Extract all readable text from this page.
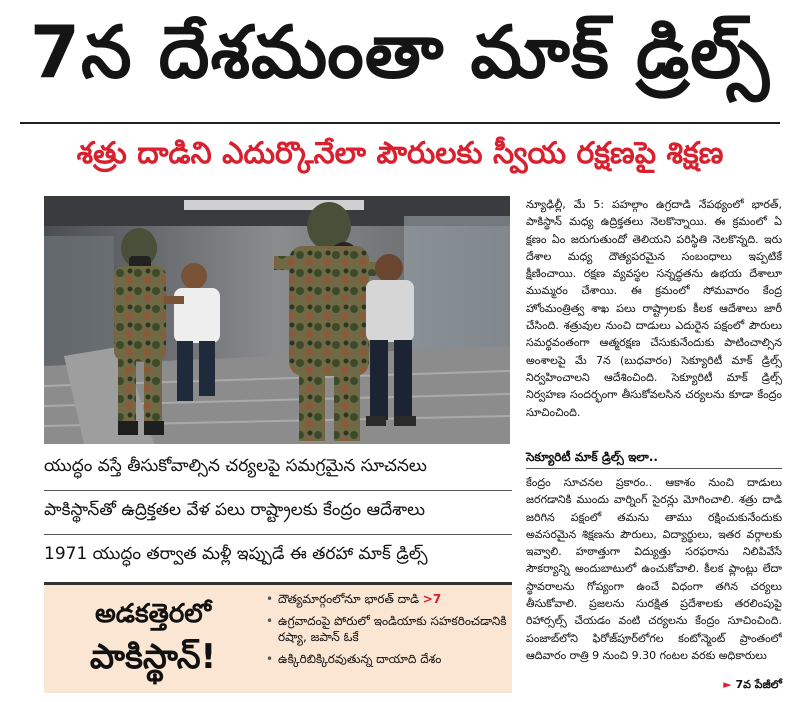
7న దేశమంతా మాక్ డ్రిల్స్
శత్రు దాడిని ఎదుర్కొనేలా పౌరులకు స్వీయ రక్షణపై శిక్షణ
యుద్ధం వస్తే తీసుకోవాల్సిన చర్యలపై సమగ్రమైన సూచనలు
పాకిస్థాన్‌తో ఉద్రిక్తతల వేళ పలు రాష్ట్రాలకు కేంద్రం ఆదేశాలు
1971 యుద్ధం తర్వాత మళ్లీ ఇప్పుడే ఈ తరహా మాక్ డ్రిల్స్
అడకత్తెరలో
పాకిస్థాన్!
• దౌత్యమార్గంలోనూ భారత్ దాడి >7
• ఉగ్రవాదంపై పోరులో ఇండియాకు సహకరించడానికి రష్యా, జపాన్ ఓకే
• ఉక్కిరిబిక్కిరవుతున్న దాయాది దేశం

న్యూఢిల్లీ, మే 5: పహల్గాం ఉగ్రదాడి నేపథ్యంలో భారత్, పాకిస్థాన్ మధ్య ఉద్రిక్తతలు నెలకొన్నాయి. ఈ క్రమంలో ఏ క్షణం ఏం జరుగుతుందో తెలియని పరిస్థితి నెలకొన్నది. ఇరు దేశాల మధ్య దౌత్యపరమైన సంబంధాలు ఇప్పటికే క్షీణించాయి. రక్షణ వ్యవస్థల సన్నద్ధతను ఉభయ దేశాలూ ముమ్మరం చేశాయి. ఈ క్రమంలో సోమవారం కేంద్ర హోంమంత్రిత్వ శాఖ పలు రాష్ట్రాలకు కీలక ఆదేశాలు జారీ చేసింది. శత్రువుల నుంచి దాడులు ఎదురైన పక్షంలో పౌరులు సమర్థవంతంగా ఆత్మరక్షణ చేసుకునేందుకు పాటించాల్సిన అంశాలపై మే 7న (బుధవారం) సెక్యూరిటీ మాక్ డ్రిల్స్ నిర్వహించాలని ఆదేశించింది. సెక్యూరిటీ మాక్ డ్రిల్స్ నిర్వహణ సందర్భంగా తీసుకోవలసిన చర్యలను కూడా కేంద్రం సూచించింది.

సెక్యూరిటీ మాక్ డ్రిల్స్ ఇలా..

కేంద్రం సూచనల ప్రకారం.. ఆకాశం నుంచి దాడులు జరగడానికి ముందు వార్నింగ్ సైరన్లు మోగించాలి. శత్రు దాడి జరిగిన పక్షంలో తమను తాము రక్షించుకునేందుకు అవసరమైన శిక్షణను పౌరులు, విద్యార్థులు, ఇతర వర్గాలకు ఇవ్వాలి. హఠాత్తుగా విద్యుత్తు సరఫరాను నిలిపివేసే సౌకర్యాన్ని అందుబాటులో ఉంచుకోవాలి. కీలక ప్లాంట్లు లేదా స్థావరాలను గోప్యంగా ఉంచే విధంగా తగిన చర్యలు తీసుకోవాలి. ప్రజలను సురక్షిత ప్రదేశాలకు తరలింపుపై రిహార్సల్స్ చేయడం వంటి చర్యలను కేంద్రం సూచించింది. పంజాబ్‌లోని ఫిరోజ్‌పూర్‌లోగల కంటోన్మెంట్ ప్రాంతంలో ఆదివారం రాత్రి 9 నుంచి 9.30 గంటల వరకు అధికారులు

► 7వ పేజీలో
